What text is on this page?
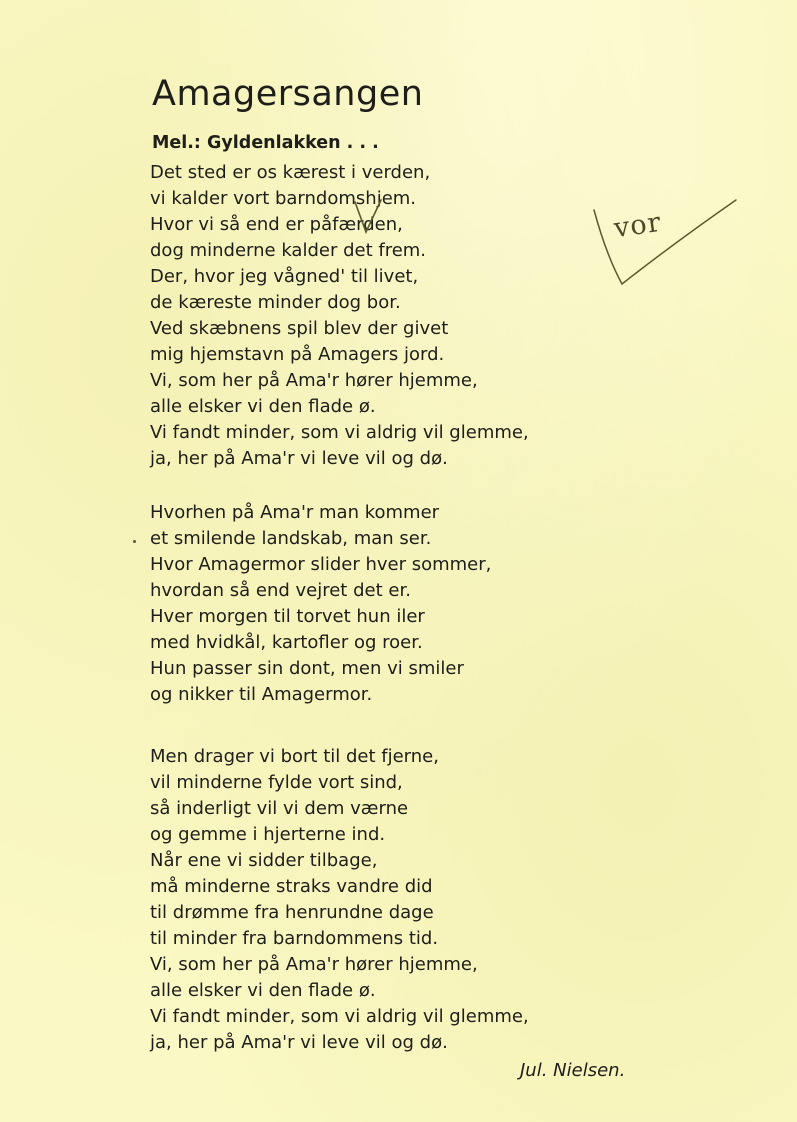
Amagersangen
Mel.: Gyldenlakken . . .
Det sted er os kærest i verden,
vi kalder vort barndomshjem.
Hvor vi så end er påfærden,
dog minderne kalder det frem.
Der, hvor jeg vågned' til livet,
de kæreste minder dog bor.
Ved skæbnens spil blev der givet
mig hjemstavn på Amagers jord.
Vi, som her på Ama'r hører hjemme,
alle elsker vi den flade ø.
Vi fandt minder, som vi aldrig vil glemme,
ja, her på Ama'r vi leve vil og dø.
Hvorhen på Ama'r man kommer
et smilende landskab, man ser.
Hvor Amagermor slider hver sommer,
hvordan så end vejret det er.
Hver morgen til torvet hun iler
med hvidkål, kartofler og roer.
Hun passer sin dont, men vi smiler
og nikker til Amagermor.
Men drager vi bort til det fjerne,
vil minderne fylde vort sind,
så inderligt vil vi dem værne
og gemme i hjerterne ind.
Når ene vi sidder tilbage,
må minderne straks vandre did
til drømme fra henrundne dage
til minder fra barndommens tid.
Vi, som her på Ama'r hører hjemme,
alle elsker vi den flade ø.
Vi fandt minder, som vi aldrig vil glemme,
ja, her på Ama'r vi leve vil og dø.
Jul. Nielsen.
vor
